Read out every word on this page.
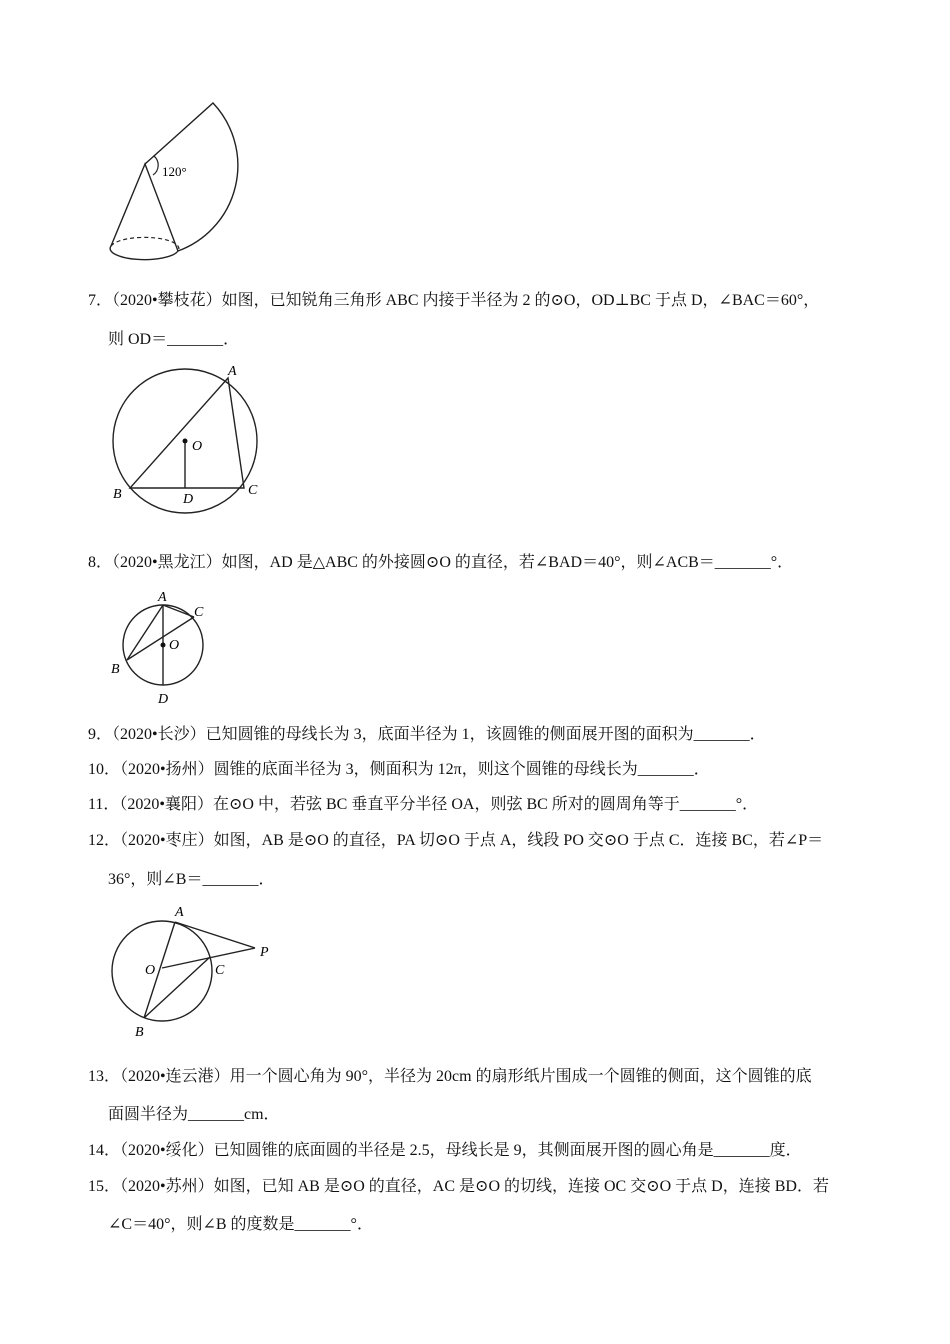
120°
7．（2020•攀枝花）如图，已知锐角三角形 ABC 内接于半径为 2 的⊙O，OD⊥BC 于点 D，∠BAC＝60°，
则 OD＝_______．
A
O
B	C
D
8．（2020•黑龙江）如图，AD 是△ABC 的外接圆⊙O 的直径，若∠BAD＝40°，则∠ACB＝_______°．
A
C
O
B
D
9．（2020•长沙）已知圆锥的母线长为 3，底面半径为 1，该圆锥的侧面展开图的面积为_______．
10．（2020•扬州）圆锥的底面半径为 3，侧面积为 12π，则这个圆锥的母线长为_______．
11．（2020•襄阳）在⊙O 中，若弦 BC 垂直平分半径 OA，则弦 BC 所对的圆周角等于_______°．
12．（2020•枣庄）如图，AB 是⊙O 的直径，PA 切⊙O 于点 A，线段 PO 交⊙O 于点 C．连接 BC，若∠P＝
36°，则∠B＝_______．
A
P
O	C
B
13．（2020•连云港）用一个圆心角为 90°，半径为 20cm 的扇形纸片围成一个圆锥的侧面，这个圆锥的底
面圆半径为_______cm．
14．（2020•绥化）已知圆锥的底面圆的半径是 2.5，母线长是 9，其侧面展开图的圆心角是_______度．
15．（2020•苏州）如图，已知 AB 是⊙O 的直径，AC 是⊙O 的切线，连接 OC 交⊙O 于点 D，连接 BD．若
∠C＝40°，则∠B 的度数是_______°．
